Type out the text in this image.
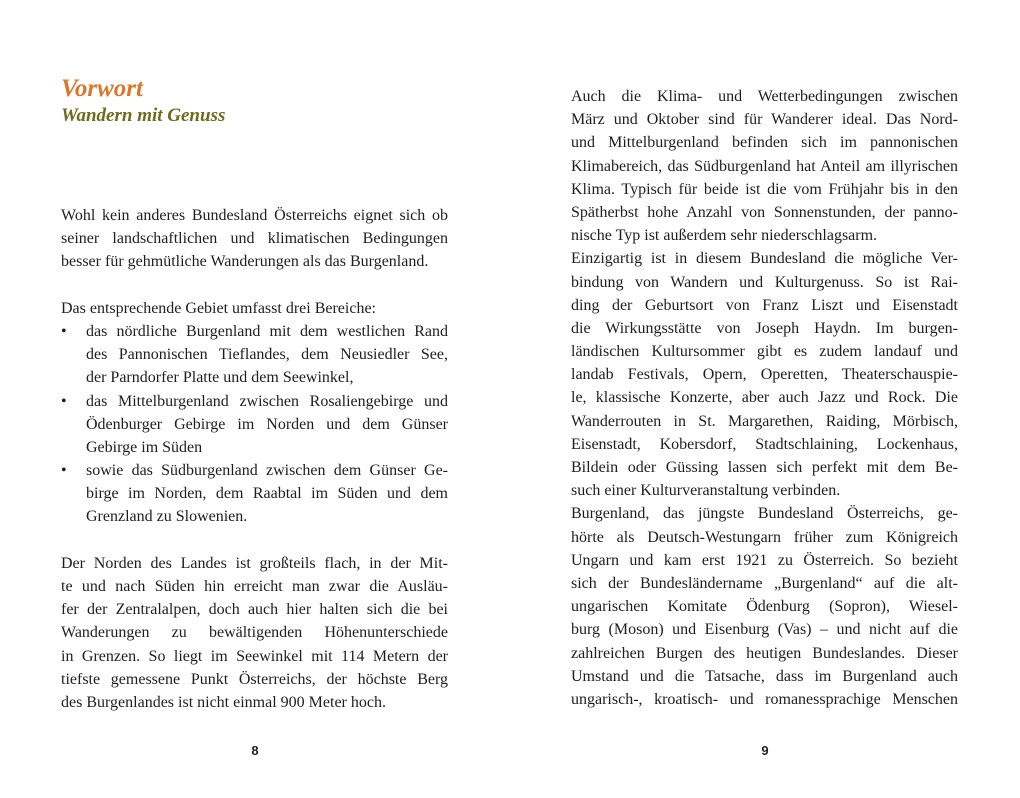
Vorwort
Wandern mit Genuss
Wohl kein anderes Bundesland Österreichs eignet sich ob
seiner landschaftlichen und klimatischen Bedingungen
besser für gehmütliche Wanderungen als das Burgenland.
Das entsprechende Gebiet umfasst drei Bereiche:
• das nördliche Burgenland mit dem westlichen Rand
des Pannonischen Tieflandes, dem Neusiedler See,
der Parndorfer Platte und dem Seewinkel,
• das Mittelburgenland zwischen Rosaliengebirge und
Ödenburger Gebirge im Norden und dem Günser
Gebirge im Süden
• sowie das Südburgenland zwischen dem Günser Ge-
birge im Norden, dem Raabtal im Süden und dem
Grenzland zu Slowenien.
Der Norden des Landes ist großteils flach, in der Mit-
te und nach Süden hin erreicht man zwar die Ausläu-
fer der Zentralalpen, doch auch hier halten sich die bei
Wanderungen zu bewältigenden Höhenunterschiede
in Grenzen. So liegt im Seewinkel mit 114 Metern der
tiefste gemessene Punkt Österreichs, der höchste Berg
des Burgenlandes ist nicht einmal 900 Meter hoch.
8
Auch die Klima- und Wetterbedingungen zwischen
März und Oktober sind für Wanderer ideal. Das Nord-
und Mittelburgenland befinden sich im pannonischen
Klimabereich, das Südburgenland hat Anteil am illyrischen
Klima. Typisch für beide ist die vom Frühjahr bis in den
Spätherbst hohe Anzahl von Sonnenstunden, der panno-
nische Typ ist außerdem sehr niederschlagsarm.
Einzigartig ist in diesem Bundesland die mögliche Ver-
bindung von Wandern und Kulturgenuss. So ist Rai-
ding der Geburtsort von Franz Liszt und Eisenstadt
die Wirkungsstätte von Joseph Haydn. Im burgen-
ländischen Kultursommer gibt es zudem landauf und
landab Festivals, Opern, Operetten, Theaterschauspie-
le, klassische Konzerte, aber auch Jazz und Rock. Die
Wanderrouten in St. Margarethen, Raiding, Mörbisch,
Eisenstadt, Kobersdorf, Stadtschlaining, Lockenhaus,
Bildein oder Güssing lassen sich perfekt mit dem Be-
such einer Kulturveranstaltung verbinden.
Burgenland, das jüngste Bundesland Österreichs, ge-
hörte als Deutsch-Westungarn früher zum Königreich
Ungarn und kam erst 1921 zu Österreich. So bezieht
sich der Bundesländername „Burgenland“ auf die alt-
ungarischen Komitate Ödenburg (Sopron), Wiesel-
burg (Moson) und Eisenburg (Vas) – und nicht auf die
zahlreichen Burgen des heutigen Bundeslandes. Dieser
Umstand und die Tatsache, dass im Burgenland auch
ungarisch-, kroatisch- und romanessprachige Menschen
9
